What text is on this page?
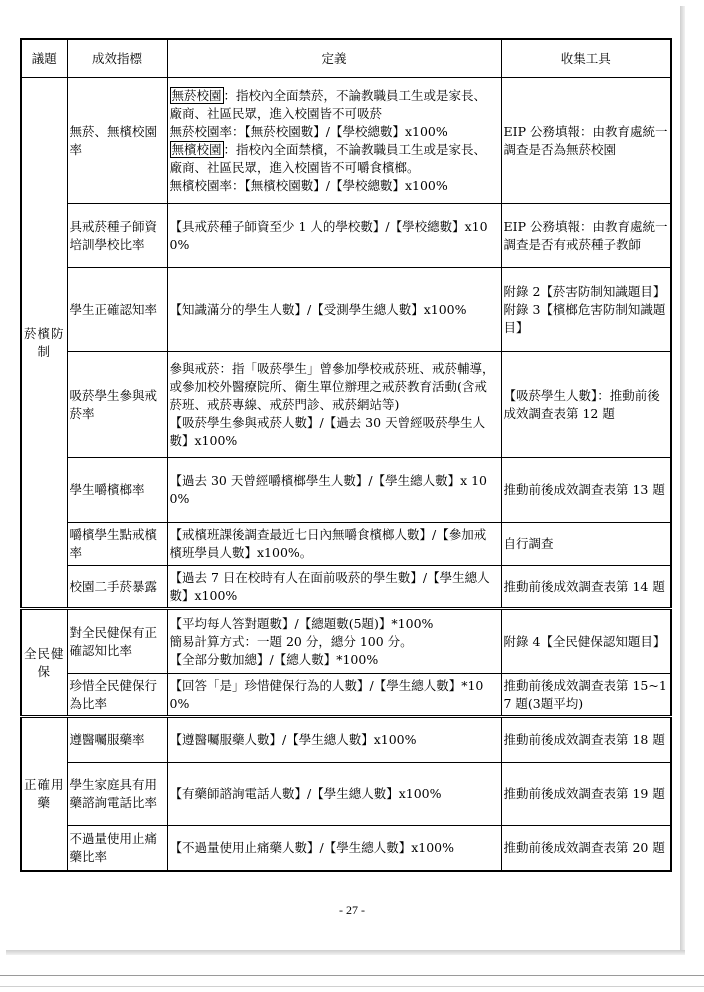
議題	成效指標	定義	收集工具
菸檳防制	無菸、無檳校園率	無菸校園 ：指校內全面禁菸，不論教職員工生或是家長、廠商、社區民眾，進入校園皆不可吸菸
無菸校園率：【無菸校園數】/【學校總數】x100%
無檳校園 ：指校內全面禁檳，不論教職員工生或是家長、廠商、社區民眾，進入校園皆不可嚼食檳榔。
無檳校園率：【無檳校園數】/【學校總數】x100%	EIP 公務填報：由教育處統一調查是否為無菸校園
	具戒菸種子師資培訓學校比率	【具戒菸種子師資至少 1 人的學校數】/【學校總數】x100%	EIP 公務填報：由教育處統一調查是否有戒菸種子教師
	學生正確認知率	【知識滿分的學生人數】/【受測學生總人數】x100%	附錄 2【菸害防制知識題目】
附錄 3【檳榔危害防制知識題目】
	吸菸學生參與戒菸率	參與戒菸：指「吸菸學生」曾參加學校戒菸班、戒菸輔導，或參加校外醫療院所、衛生單位辦理之戒菸教育活動(含戒菸班、戒菸專線、戒菸門診、戒菸網站等)
【吸菸學生參與戒菸人數】/【過去 30 天曾經吸菸學生人數】x100%	【吸菸學生人數】：推動前後成效調查表第 12 題
	學生嚼檳榔率	【過去 30 天曾經嚼檳榔學生人數】/【學生總人數】x 100%	推動前後成效調查表第 13 題
	嚼檳學生點戒檳率	【戒檳班課後調查最近七日內無嚼食檳榔人數】/【參加戒檳班學員人數】x100%。	自行調查
	校園二手菸暴露	【過去 7 日在校時有人在面前吸菸的學生數】/【學生總人數】x100%	推動前後成效調查表第 14 題
全民健保	對全民健保有正確認知比率	【平均每人答對題數】/【總題數(5題)】*100%
簡易計算方式：一題 20 分，總分 100 分。
【全部分數加總】/【總人數】*100%	附錄 4【全民健保認知題目】
	珍惜全民健保行為比率	【回答「是」珍惜健保行為的人數】/【學生總人數】*100%	推動前後成效調查表第 15~17 題(3題平均)
正確用藥	遵醫囑服藥率	【遵醫囑服藥人數】/【學生總人數】x100%	推動前後成效調查表第 18 題
	學生家庭具有用藥諮詢電話比率	【有藥師諮詢電話人數】/【學生總人數】x100%	推動前後成效調查表第 19 題
	不過量使用止痛藥比率	【不過量使用止痛藥人數】/【學生總人數】x100%	推動前後成效調查表第 20 題
- 27 -
